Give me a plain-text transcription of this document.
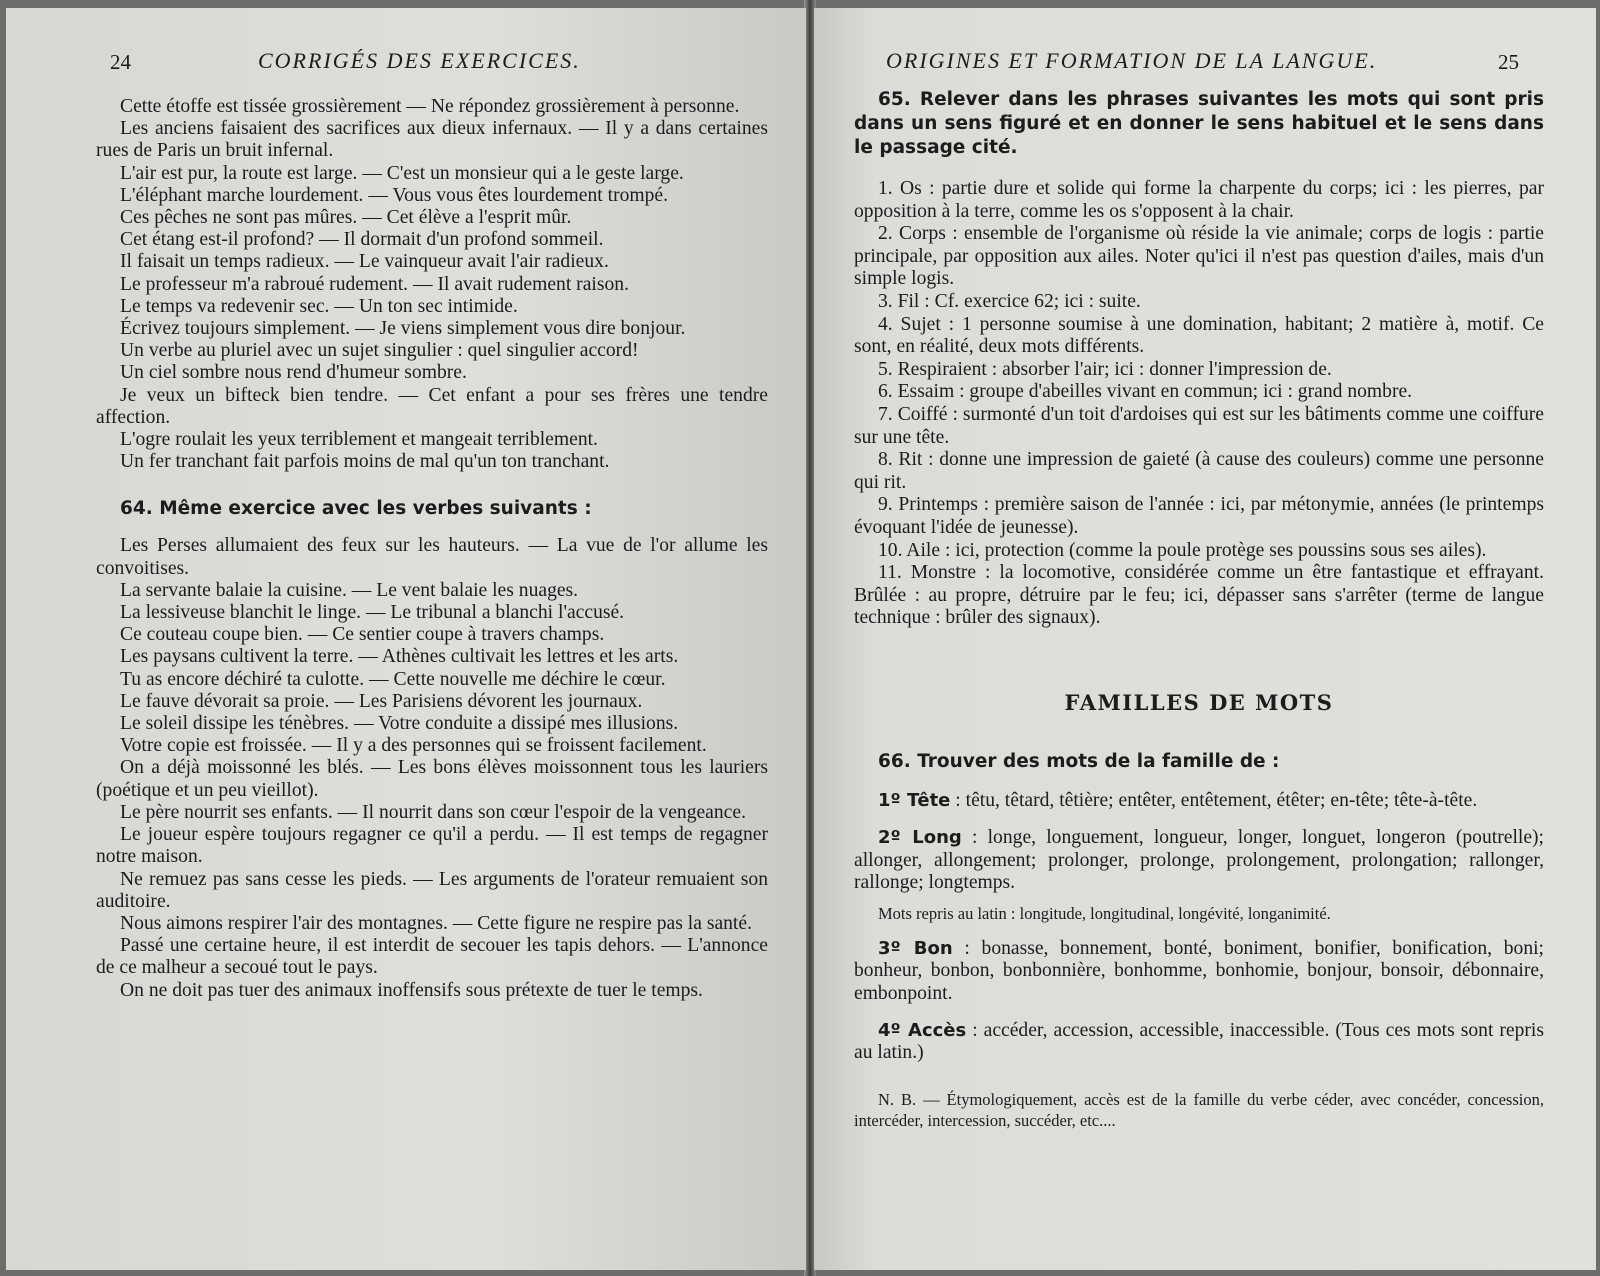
24	CORRIGÉS DES EXERCICES.

Cette étoffe est tissée grossièrement — Ne répondez grossièrement à personne.

Les anciens faisaient des sacrifices aux dieux infernaux. — Il y a dans certaines rues de Paris un bruit infernal.

L'air est pur, la route est large. — C'est un monsieur qui a le geste large.

L'éléphant marche lourdement. — Vous vous êtes lourdement trompé.

Ces pêches ne sont pas mûres. — Cet élève a l'esprit mûr.

Cet étang est-il profond? — Il dormait d'un profond sommeil.

Il faisait un temps radieux. — Le vainqueur avait l'air radieux.

Le professeur m'a rabroué rudement. — Il avait rudement raison.

Le temps va redevenir sec. — Un ton sec intimide.

Écrivez toujours simplement. — Je viens simplement vous dire bonjour.

Un verbe au pluriel avec un sujet singulier : quel singulier accord!

Un ciel sombre nous rend d'humeur sombre.

Je veux un bifteck bien tendre. — Cet enfant a pour ses frères une tendre affection.

L'ogre roulait les yeux terriblement et mangeait terriblement.

Un fer tranchant fait parfois moins de mal qu'un ton tranchant.

64. Même exercice avec les verbes suivants :

Les Perses allumaient des feux sur les hauteurs. — La vue de l'or allume les convoitises.

La servante balaie la cuisine. — Le vent balaie les nuages.

La lessiveuse blanchit le linge. — Le tribunal a blanchi l'accusé.

Ce couteau coupe bien. — Ce sentier coupe à travers champs.

Les paysans cultivent la terre. — Athènes cultivait les lettres et les arts.

Tu as encore déchiré ta culotte. — Cette nouvelle me déchire le cœur.

Le fauve dévorait sa proie. — Les Parisiens dévorent les journaux.

Le soleil dissipe les ténèbres. — Votre conduite a dissipé mes illusions.

Votre copie est froissée. — Il y a des personnes qui se froissent facilement.

On a déjà moissonné les blés. — Les bons élèves moissonnent tous les lauriers (poétique et un peu vieillot).

Le père nourrit ses enfants. — Il nourrit dans son cœur l'espoir de la vengeance.

Le joueur espère toujours regagner ce qu'il a perdu. — Il est temps de regagner notre maison.

Ne remuez pas sans cesse les pieds. — Les arguments de l'orateur remuaient son auditoire.

Nous aimons respirer l'air des montagnes. — Cette figure ne respire pas la santé.

Passé une certaine heure, il est interdit de secouer les tapis dehors. — L'annonce de ce malheur a secoué tout le pays.

On ne doit pas tuer des animaux inoffensifs sous prétexte de tuer le temps.

ORIGINES ET FORMATION DE LA LANGUE.	25

65. Relever dans les phrases suivantes les mots qui sont pris dans un sens figuré et en donner le sens habituel et le sens dans le passage cité.

1. Os : partie dure et solide qui forme la charpente du corps; ici : les pierres, par opposition à la terre, comme les os s'opposent à la chair.

2. Corps : ensemble de l'organisme où réside la vie animale; corps de logis : partie principale, par opposition aux ailes. Noter qu'ici il n'est pas question d'ailes, mais d'un simple logis.

3. Fil : Cf. exercice 62; ici : suite.

4. Sujet : 1 personne soumise à une domination, habitant; 2 matière à, motif. Ce sont, en réalité, deux mots différents.

5. Respiraient : absorber l'air; ici : donner l'impression de.

6. Essaim : groupe d'abeilles vivant en commun; ici : grand nombre.

7. Coiffé : surmonté d'un toit d'ardoises qui est sur les bâtiments comme une coiffure sur une tête.

8. Rit : donne une impression de gaieté (à cause des couleurs) comme une personne qui rit.

9. Printemps : première saison de l'année : ici, par métonymie, années (le printemps évoquant l'idée de jeunesse).

10. Aile : ici, protection (comme la poule protège ses poussins sous ses ailes).

11. Monstre : la locomotive, considérée comme un être fantastique et effrayant. Brûlée : au propre, détruire par le feu; ici, dépasser sans s'arrêter (terme de langue technique : brûler des signaux).

FAMILLES DE MOTS

66. Trouver des mots de la famille de :

1º Tête : têtu, têtard, têtière; entêter, entêtement, étêter; en-tête; tête-à-tête.

2º Long : longe, longuement, longueur, longer, longuet, longeron (poutrelle); allonger, allongement; prolonger, prolonge, prolongement, prolongation; rallonger, rallonge; longtemps.

Mots repris au latin : longitude, longitudinal, longévité, longanimité.

3º Bon : bonasse, bonnement, bonté, boniment, bonifier, bonification, boni; bonheur, bonbon, bonbonnière, bonhomme, bonhomie, bonjour, bonsoir, débonnaire, embonpoint.

4º Accès : accéder, accession, accessible, inaccessible. (Tous ces mots sont repris au latin.)

N. B. — Étymologiquement, accès est de la famille du verbe céder, avec concéder, concession, intercéder, intercession, succéder, etc....
